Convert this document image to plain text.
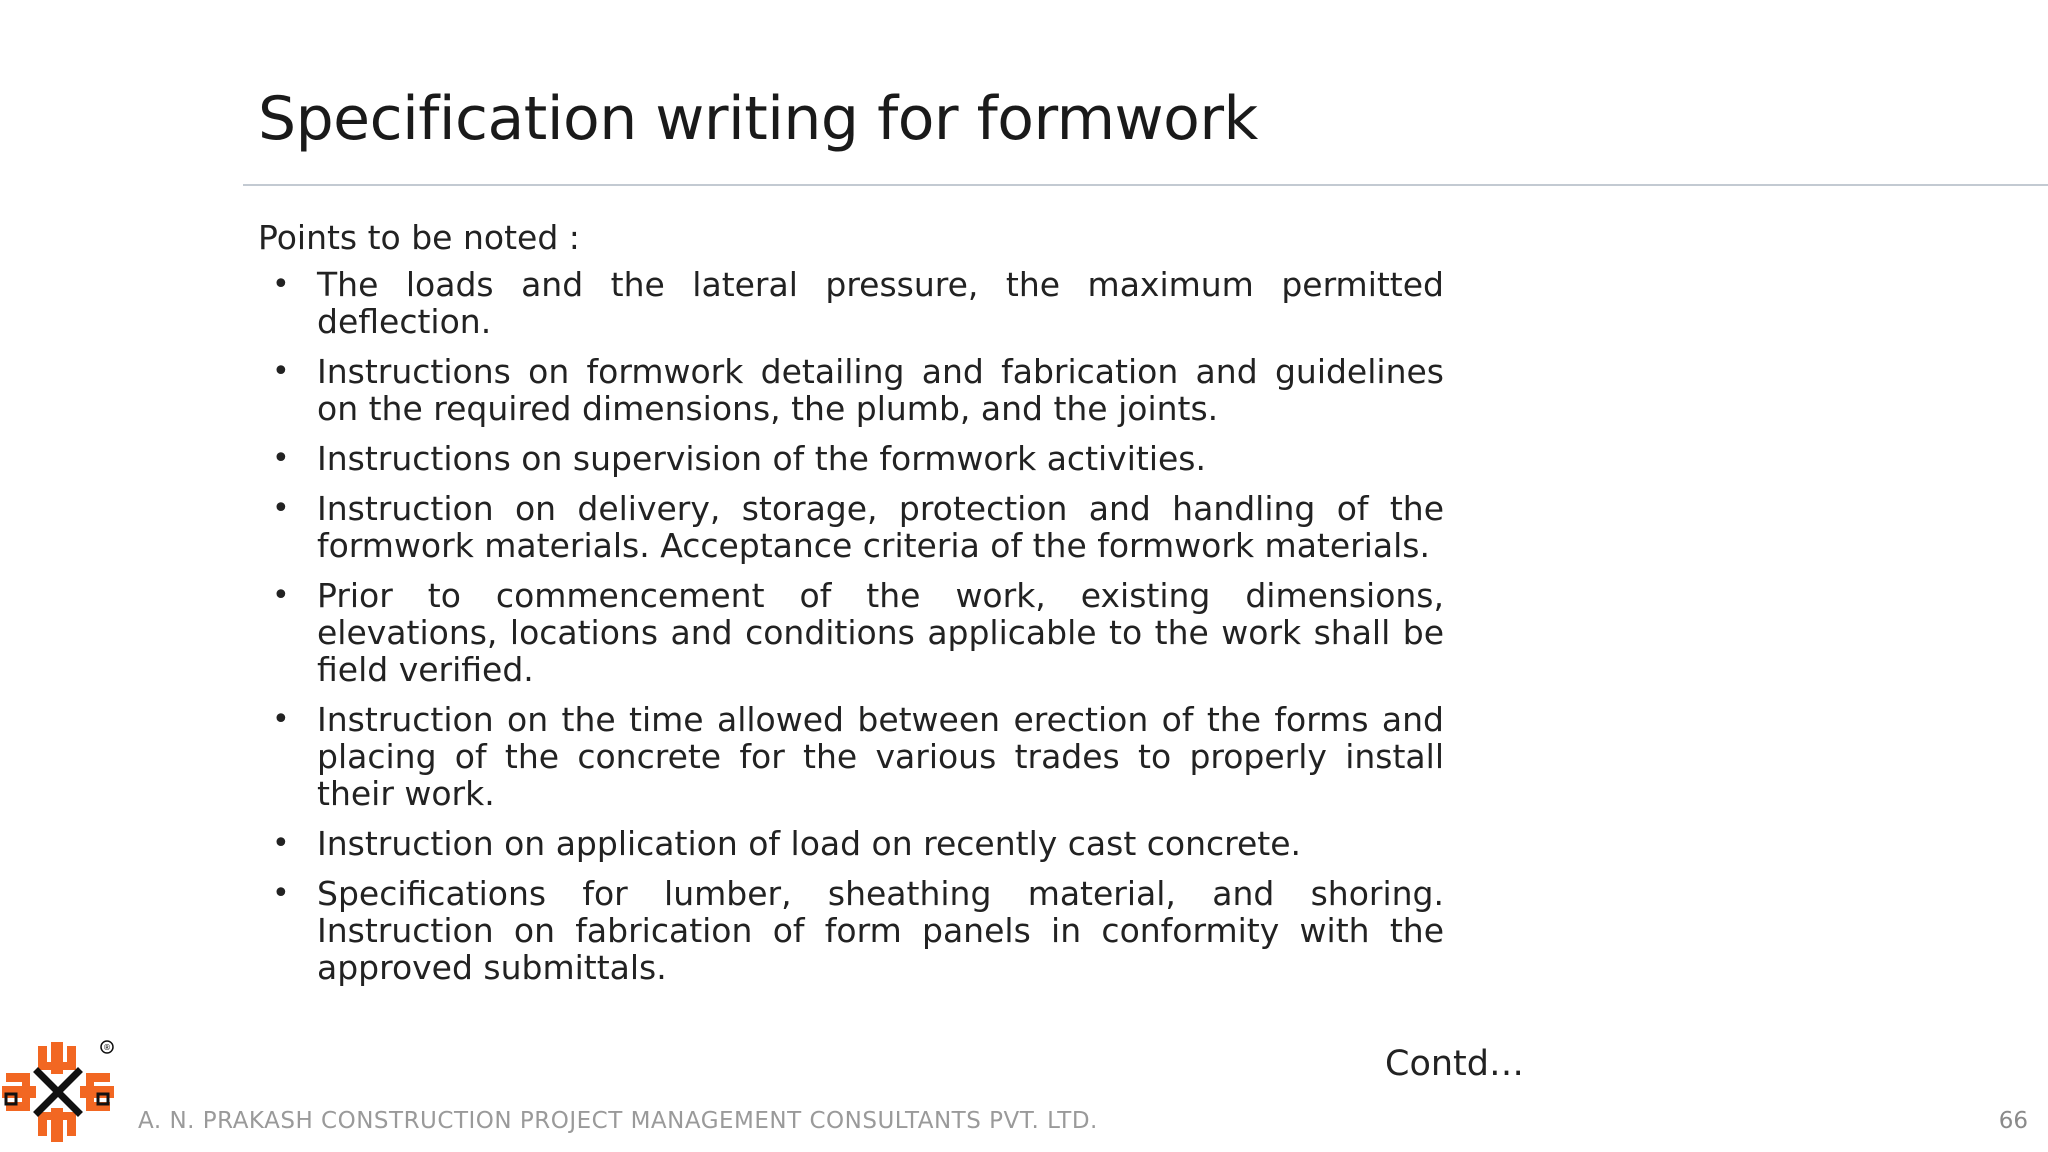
Specification writing for formwork

Points to be noted :

• The loads and the lateral pressure, the maximum permitted deflection.
• Instructions on formwork detailing and fabrication and guidelines on the required dimensions, the plumb, and the joints.
• Instructions on supervision of the formwork activities.
• Instruction on delivery, storage, protection and handling of the formwork materials. Acceptance criteria of the formwork materials.
• Prior to commencement of the work, existing dimensions, elevations, locations and conditions applicable to the work shall be field verified.
• Instruction on the time allowed between erection of the forms and placing of the concrete for the various trades to properly install their work.
• Instruction on application of load on recently cast concrete.
• Specifications for lumber, sheathing material, and shoring. Instruction on fabrication of form panels in conformity with the approved submittals.
Contd…
®
A. N. PRAKASH CONSTRUCTION PROJECT MANAGEMENT CONSULTANTS PVT. LTD.	66
